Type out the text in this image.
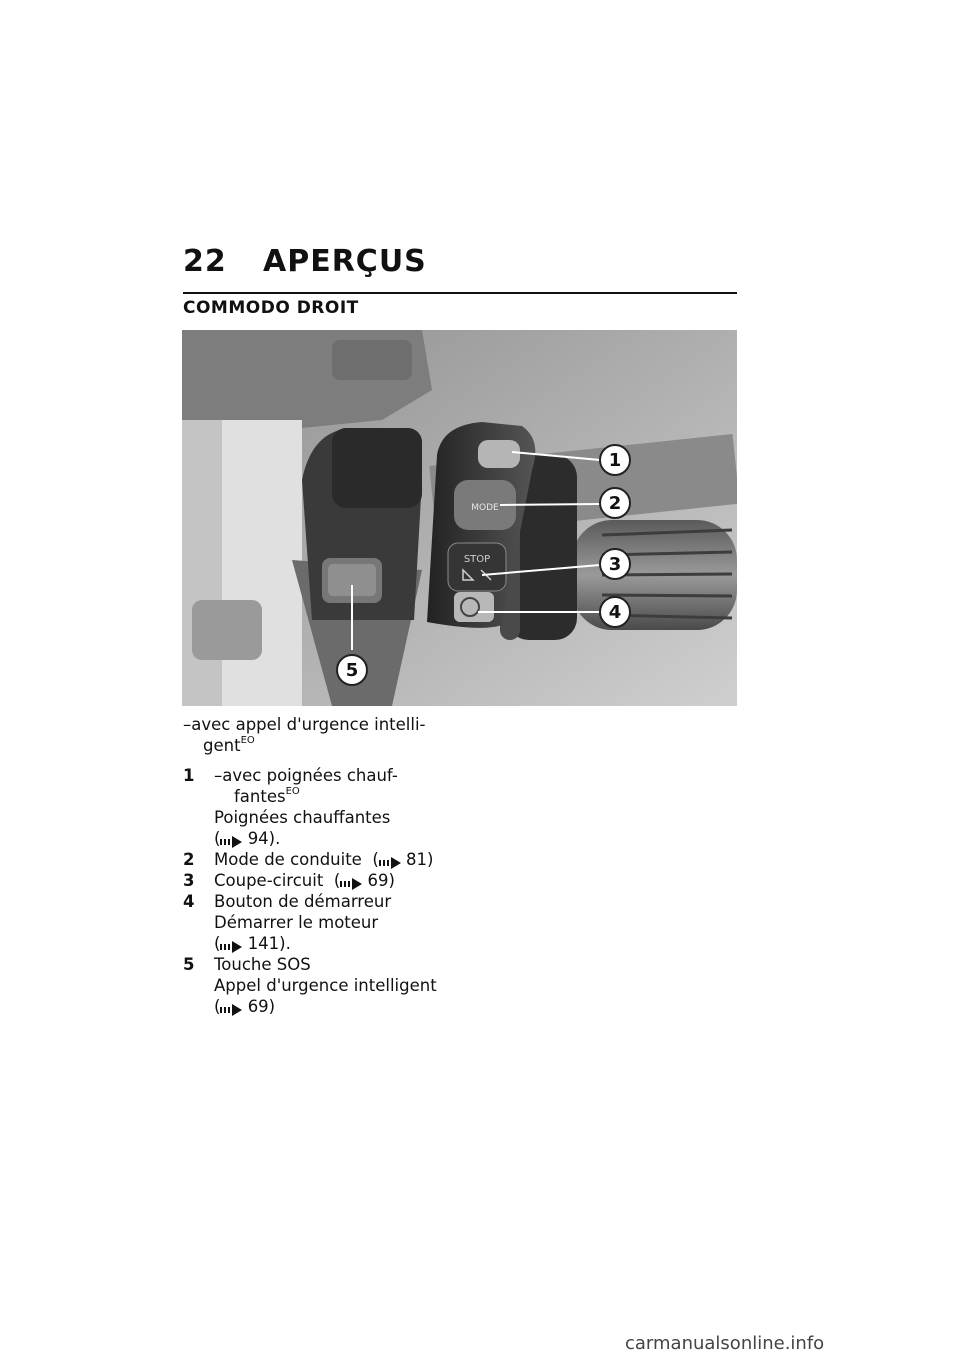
22 APERÇUS
COMMODO DROIT
MODE
STOP
1
2
3
4
5
–avec appel d'urgence intelli-
gent$^{EO}$
1 –avec poignées chauf-
fantes$^{EO}$
Poignées chauffantes
( 94).
2 Mode de conduite ( 81)
3 Coupe-circuit ( 69)
4 Bouton de démarreur
Démarrer le moteur
( 141).
5 Touche SOS
Appel d'urgence intelligent
( 69)
carmanualsonline.info
